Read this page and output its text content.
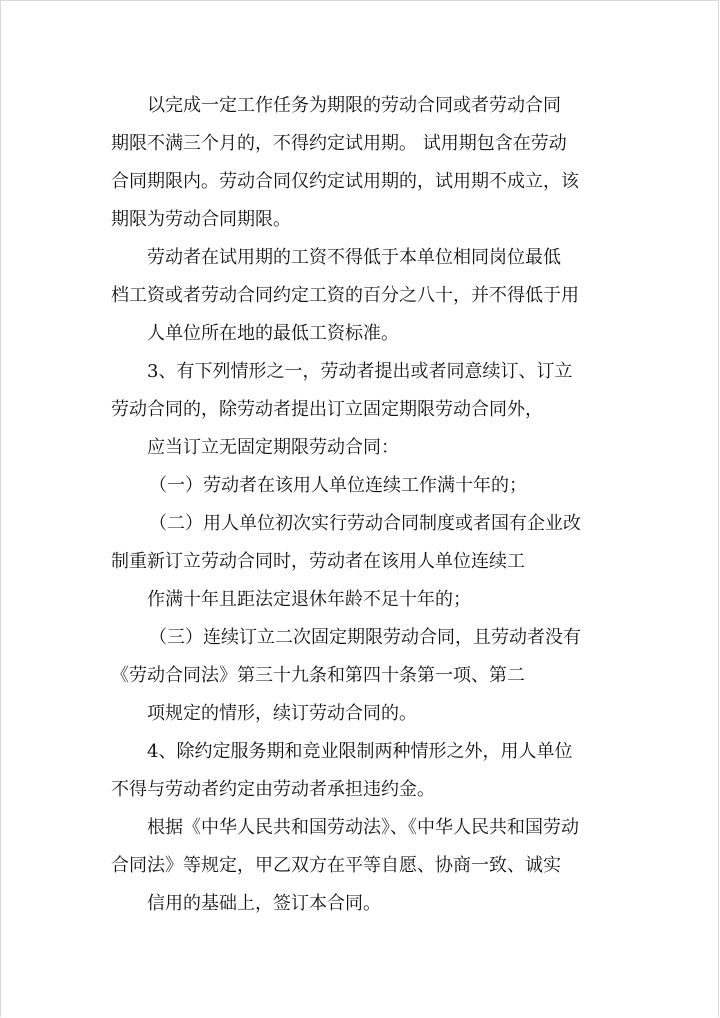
以完成一定工作任务为期限的劳动合同或者劳动合同
期限不满三个月的，不得约定试用期。 试用期包含在劳动
合同期限内。劳动合同仅约定试用期的，试用期不成立，该
期限为劳动合同期限。
劳动者在试用期的工资不得低于本单位相同岗位最低
档工资或者劳动合同约定工资的百分之八十，并不得低于用
人单位所在地的最低工资标准。
3、有下列情形之一，劳动者提出或者同意续订、订立
劳动合同的，除劳动者提出订立固定期限劳动合同外，
应当订立无固定期限劳动合同：
（一）劳动者在该用人单位连续工作满十年的；
（二）用人单位初次实行劳动合同制度或者国有企业改
制重新订立劳动合同时，劳动者在该用人单位连续工
作满十年且距法定退休年龄不足十年的；
（三）连续订立二次固定期限劳动合同，且劳动者没有
《劳动合同法》第三十九条和第四十条第一项、第二
项规定的情形，续订劳动合同的。
4、除约定服务期和竞业限制两种情形之外，用人单位
不得与劳动者约定由劳动者承担违约金。
根据《中华人民共和国劳动法》、《中华人民共和国劳动
合同法》等规定，甲乙双方在平等自愿、协商一致、诚实
信用的基础上，签订本合同。
